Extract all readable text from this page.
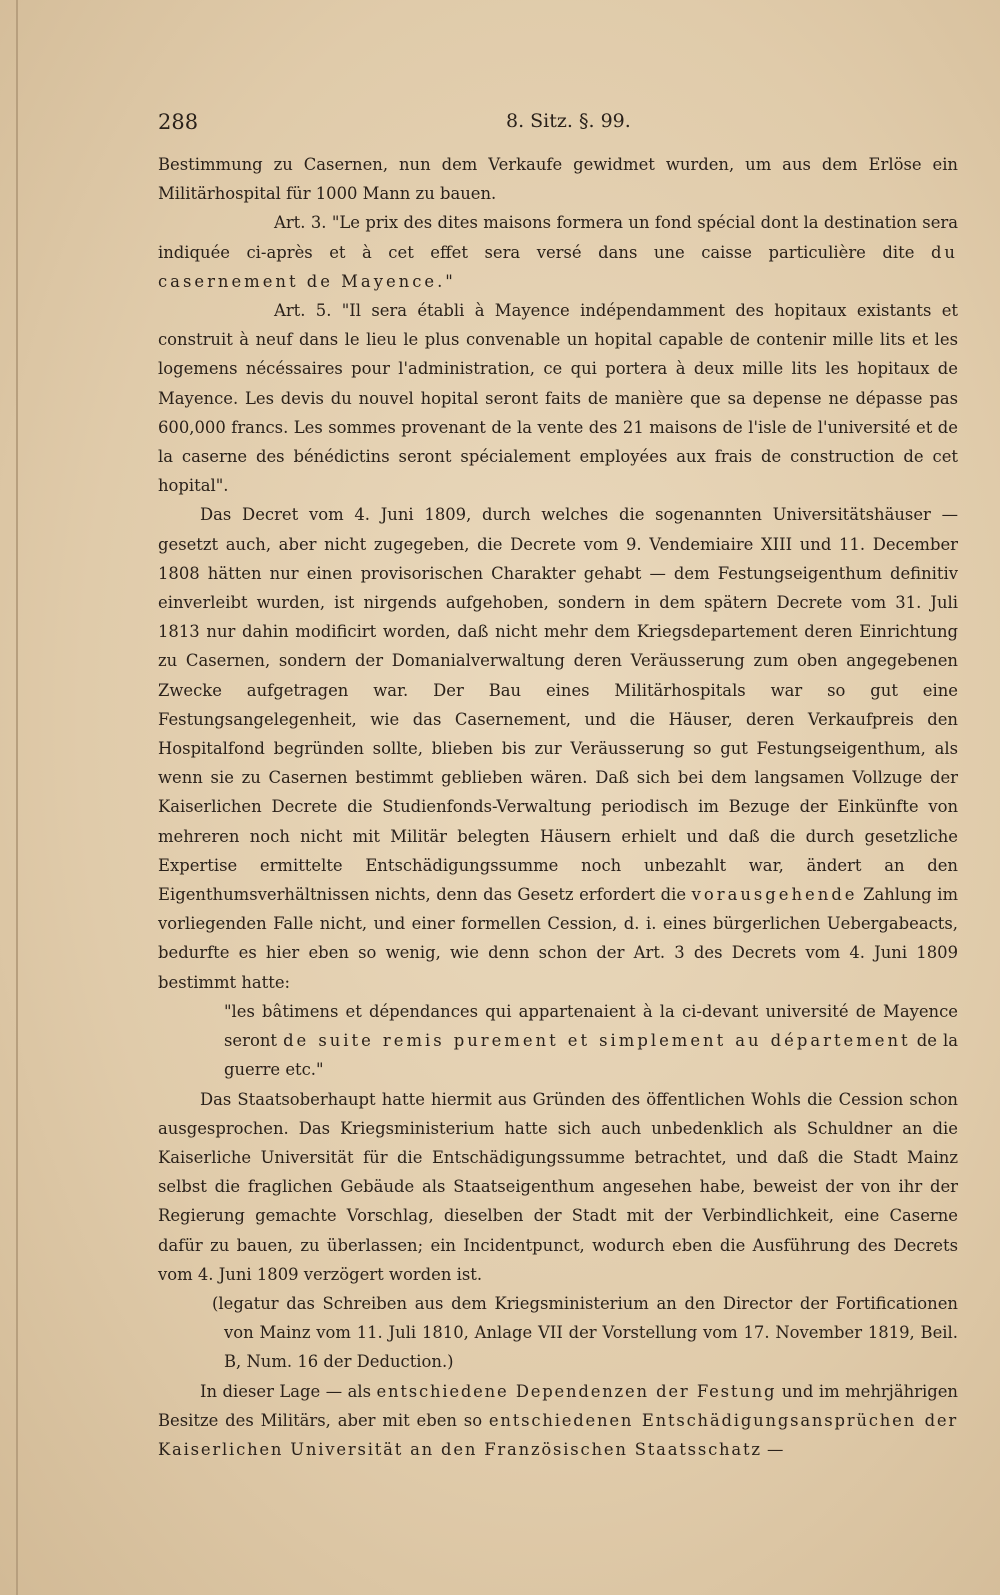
288	8. Sitz. §. 99.

Bestimmung zu Casernen, nun dem Verkaufe gewidmet wurden, um aus dem Erlöse ein Militärhospital für 1000 Mann zu bauen.

Art. 3. "Le prix des dites maisons formera un fond spécial dont la destination sera indiquée ci-après et à cet effet sera versé dans une caisse particulière dite du casernement de Mayence."

Art. 5. "Il sera établi à Mayence indépendamment des hopitaux existants et construit à neuf dans le lieu le plus convenable un hopital capable de contenir mille lits et les logemens nécéssaires pour l'administration, ce qui portera à deux mille lits les hopitaux de Mayence. Les devis du nouvel hopital seront faits de manière que sa depense ne dépasse pas 600,000 francs. Les sommes provenant de la vente des 21 maisons de l'isle de l'université et de la caserne des bénédictins seront spécialement employées aux frais de construction de cet hopital".

Das Decret vom 4. Juni 1809, durch welches die sogenannten Universitätshäuser — gesetzt auch, aber nicht zugegeben, die Decrete vom 9. Vendemiaire XIII und 11. December 1808 hätten nur einen provisorischen Charakter gehabt — dem Festungseigenthum definitiv einverleibt wurden, ist nirgends aufgehoben, sondern in dem spätern Decrete vom 31. Juli 1813 nur dahin modificirt worden, daß nicht mehr dem Kriegsdepartement deren Einrichtung zu Casernen, sondern der Domanialverwaltung deren Veräusserung zum oben angegebenen Zwecke aufgetragen war. Der Bau eines Militärhospitals war so gut eine Festungsangelegenheit, wie das Casernement, und die Häuser, deren Verkaufpreis den Hospitalfond begründen sollte, blieben bis zur Veräusserung so gut Festungseigenthum, als wenn sie zu Casernen bestimmt geblieben wären. Daß sich bei dem langsamen Vollzuge der Kaiserlichen Decrete die Studienfonds-Verwaltung periodisch im Bezuge der Einkünfte von mehreren noch nicht mit Militär belegten Häusern erhielt und daß die durch gesetzliche Expertise ermittelte Entschädigungssumme noch unbezahlt war, ändert an den Eigenthumsverhältnissen nichts, denn das Gesetz erfordert die vorausgehende Zahlung im vorliegenden Falle nicht, und einer formellen Cession, d. i. eines bürgerlichen Uebergabeacts, bedurfte es hier eben so wenig, wie denn schon der Art. 3 des Decrets vom 4. Juni 1809 bestimmt hatte:

"les bâtimens et dépendances qui appartenaient à la ci-devant université de Mayence seront de suite remis purement et simplement au département de la guerre etc."

Das Staatsoberhaupt hatte hiermit aus Gründen des öffentlichen Wohls die Cession schon ausgesprochen. Das Kriegsministerium hatte sich auch unbedenklich als Schuldner an die Kaiserliche Universität für die Entschädigungssumme betrachtet, und daß die Stadt Mainz selbst die fraglichen Gebäude als Staatseigenthum angesehen habe, beweist der von ihr der Regierung gemachte Vorschlag, dieselben der Stadt mit der Verbindlichkeit, eine Caserne dafür zu bauen, zu überlassen; ein Incidentpunct, wodurch eben die Ausführung des Decrets vom 4. Juni 1809 verzögert worden ist.

(legatur das Schreiben aus dem Kriegsministerium an den Director der Fortificationen von Mainz vom 11. Juli 1810, Anlage VII der Vorstellung vom 17. November 1819, Beil. B, Num. 16 der Deduction.)

In dieser Lage — als entschiedene Dependenzen der Festung und im mehrjährigen Besitze des Militärs, aber mit eben so entschiedenen Entschädigungsansprüchen der Kaiserlichen Universität an den Französischen Staatsschatz —
